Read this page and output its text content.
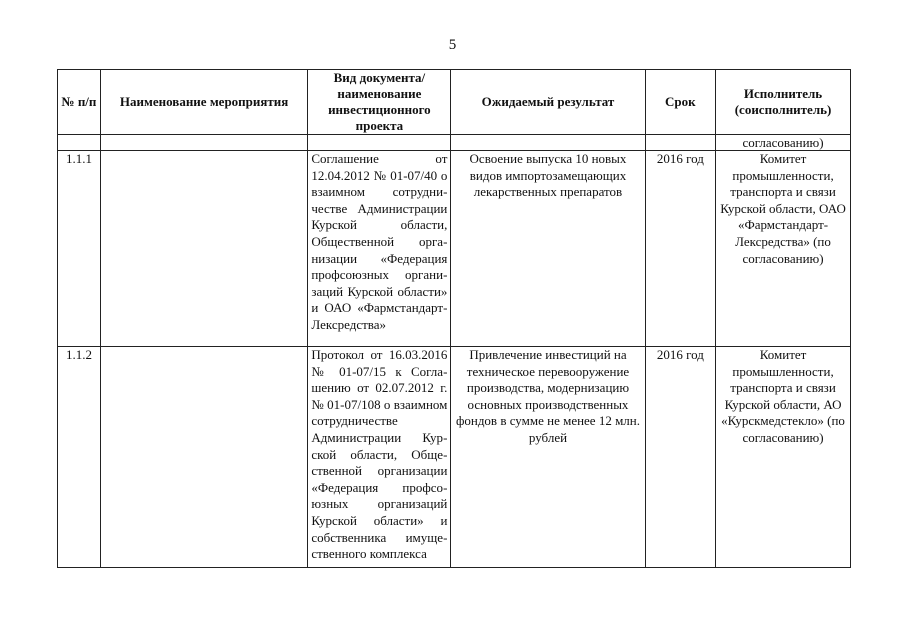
5
№ п/п	Наименование мероприятия	Вид документа/ наименование инвестиционного проекта	Ожидаемый результат	Срок	Исполнитель (соисполнитель)
					согласованию)
1.1.1		Соглашение от 12.04.2012 № 01-07/40 о взаимном сотрудничестве Администрации Курской области, Общественной организации «Федерация профсоюзных организаций Курской области» и ОАО «Фармстандарт-Лексредства»	Освоение выпуска 10 новых видов импортозамещающих лекарственных препаратов	2016 год	Комитет промышленности, транспорта и связи Курской области, ОАО «Фармстандарт-Лексредства» (по согласованию)
1.1.2		Протокол от 16.03.2016 № 01-07/15 к Соглашению от 02.07.2012 г. № 01-07/108 о взаимном сотрудничестве Администрации Курской области, Общественной организации «Федерация профсоюзных организаций Курской области» и собственника имущественного комплекса	Привлечение инвестиций на техническое перевооружение производства, модернизацию основных производственных фондов в сумме не менее 12 млн. рублей	2016 год	Комитет промышленности, транспорта и связи Курской области, АО «Курскмедстекло» (по согласованию)
